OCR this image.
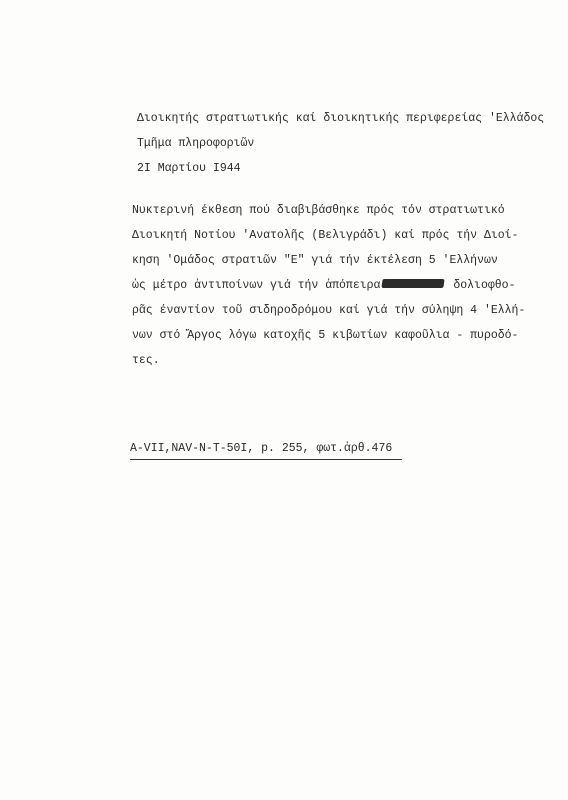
Διοικητής στρατιωτικής καί διοικητικής περιφερείας 'Ελλάδος
Τμῆμα πληροφοριῶν
2I Μαρτίου I944
Νυκτερινή έκθεση πού διαβιβάσθηκε πρός τόν στρατιωτικό
Διοικητή Νοτίου 'Ανατολῆς (Βελιγράδι) καί πρός τήν Διοί-
κηση 'Ομάδος στρατιῶν "Ε" γιά τήν έκτέλεση 5 'Ελλήνων
ὡς μέτρο ἀντιποίνων γιά τήν ἀπόπειρα	δολιοφθο-
ρᾶς έναντίον τοῦ σιδηροδρόμου καί γιά τήν σύληψη 4 'Ελλή-
νων στό Ἄργος λόγω κατοχῆς 5 κιβωτίων καφοῦλια - πυροδό-
τες.
A-VII,NAV-N-T-50I, p. 255, φωτ.ἀρθ.476
